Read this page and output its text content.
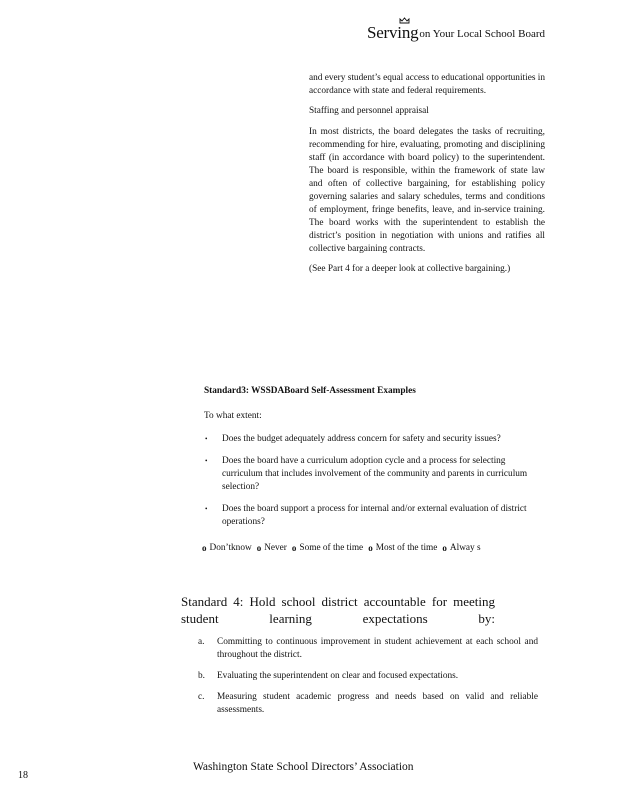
Serving on Your Local School Board

and every student’s equal access to educational opportunities in accordance with state and federal requirements.

Staffing and personnel appraisal

In most districts, the board delegates the tasks of recruiting, recommending for hire, evaluating, promoting and disciplining staff (in accordance with board policy) to the superintendent. The board is responsible, within the framework of state law and often of collective bargaining, for establishing policy governing salaries and salary schedules, terms and conditions of employment, fringe benefits, leave, and in-service training. The board works with the superintendent to establish the district’s position in negotiation with unions and ratifies all collective bargaining contracts.

(See Part 4 for a deeper look at collective bargaining.)

Standard3: WSSDABoard Self-Assessment Examples
To what extent:
• Does the budget adequately address concern for safety and security issues?
• Does the board have a curriculum adoption cycle and a process for selecting curriculum that includes involvement of the community and parents in curriculum selection?
• Does the board support a process for internal and/or external evaluation of district operations?
o Don’tknow o Never o Some of the time o Most of the time o Alway s
Standard 4: Hold school district accountable for meeting student learning expectations by:
a. Committing to continuous improvement in student achievement at each school and throughout the district.
b. Evaluating the superintendent on clear and focused expectations.
c. Measuring student academic progress and needs based on valid and reliable assessments.
Washington State School Directors’ Association
18
